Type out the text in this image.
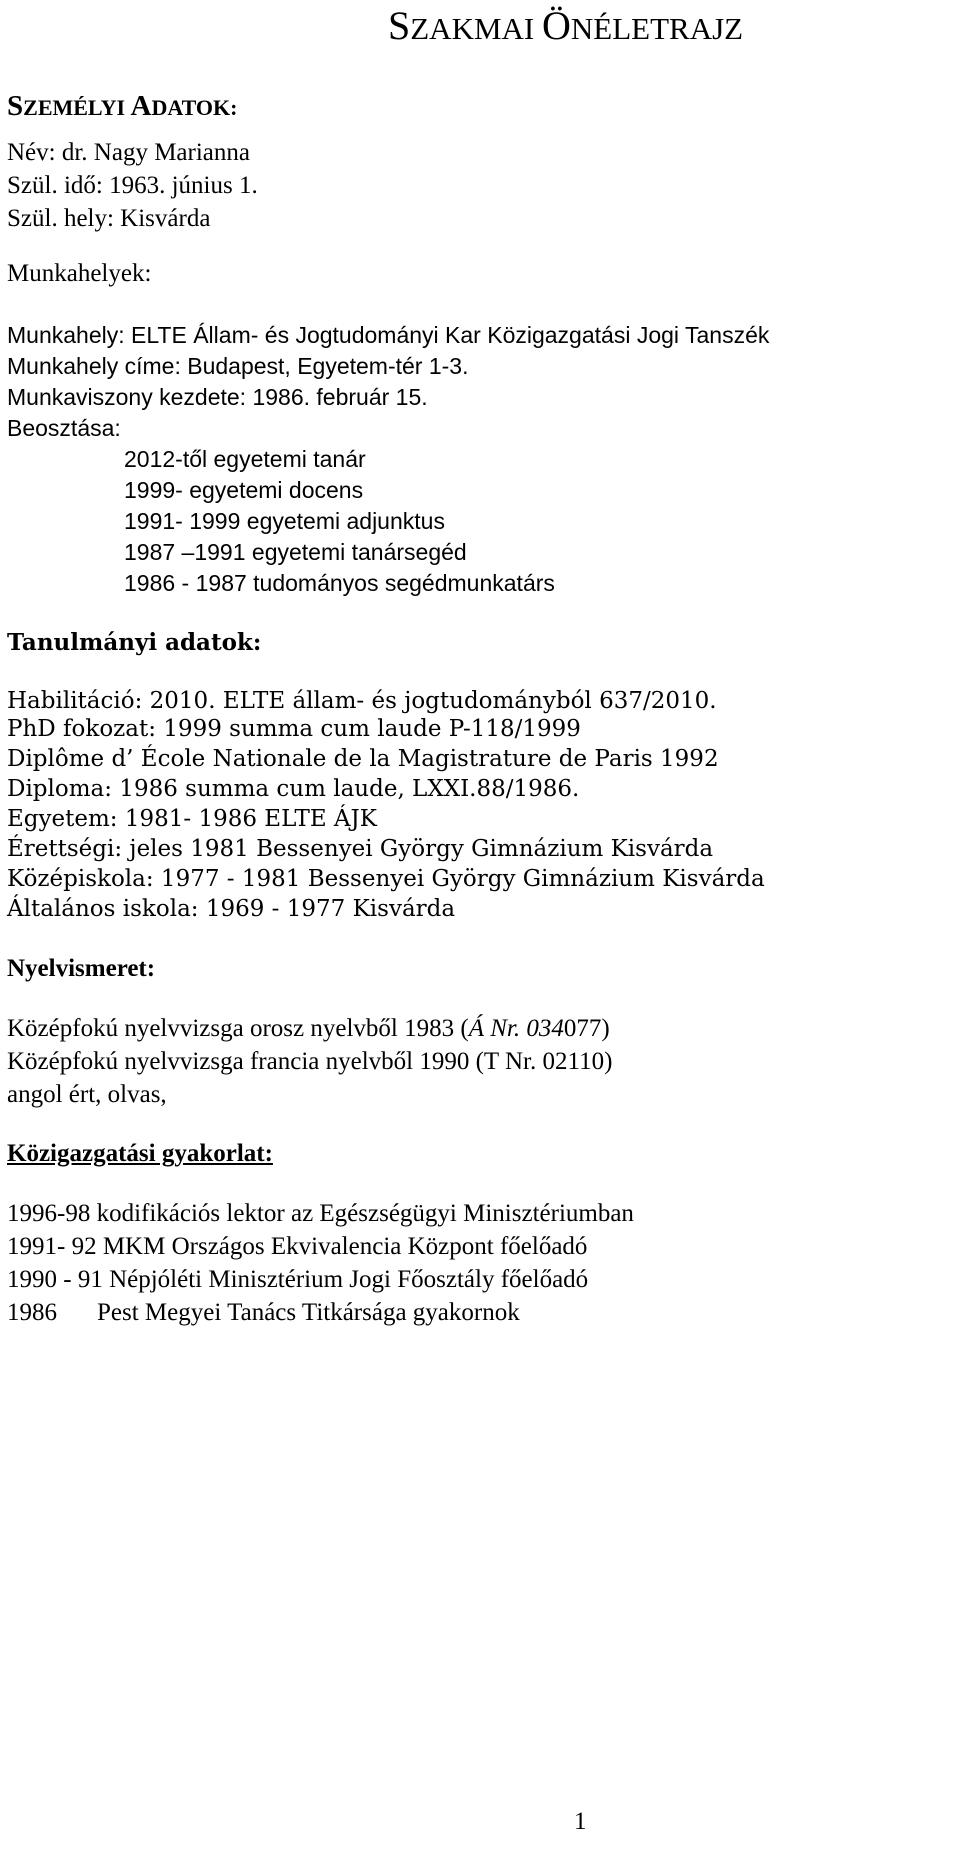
SZAKMAI ÖNÉLETRAJZ
SZEMÉLYI ADATOK:
Név: dr. Nagy Marianna
Szül. idő: 1963. június 1.
Szül. hely: Kisvárda
Munkahelyek:
Munkahely: ELTE Állam- és Jogtudományi Kar Közigazgatási Jogi Tanszék
Munkahely címe: Budapest, Egyetem-tér 1-3.
Munkaviszony kezdete: 1986. február 15.
Beosztása:
2012-től egyetemi tanár
1999- egyetemi docens
1991- 1999 egyetemi adjunktus
1987 –1991 egyetemi tanársegéd
1986 - 1987 tudományos segédmunkatárs
Tanulmányi adatok:
Habilitáció: 2010. ELTE állam- és jogtudományból 637/2010.
PhD fokozat: 1999 summa cum laude P-118/1999
Diplôme d’ École Nationale de la Magistrature de Paris 1992
Diploma: 1986 summa cum laude, LXXI.88/1986.
Egyetem: 1981- 1986 ELTE ÁJK
Érettségi: jeles 1981 Bessenyei György Gimnázium Kisvárda
Középiskola: 1977 - 1981 Bessenyei György Gimnázium Kisvárda
Általános iskola: 1969 - 1977 Kisvárda
Nyelvismeret:
Középfokú nyelvvizsga orosz nyelvből 1983 (Á Nr. 034077)
Középfokú nyelvvizsga francia nyelvből 1990 (T Nr. 02110)
angol ért, olvas,
Közigazgatási gyakorlat:
1996-98 kodifikációs lektor az Egészségügyi Minisztériumban
1991- 92 MKM Országos Ekvivalencia Központ főelőadó
1990 - 91 Népjóléti Minisztérium Jogi Főosztály főelőadó
1986 Pest Megyei Tanács Titkársága gyakornok
1
